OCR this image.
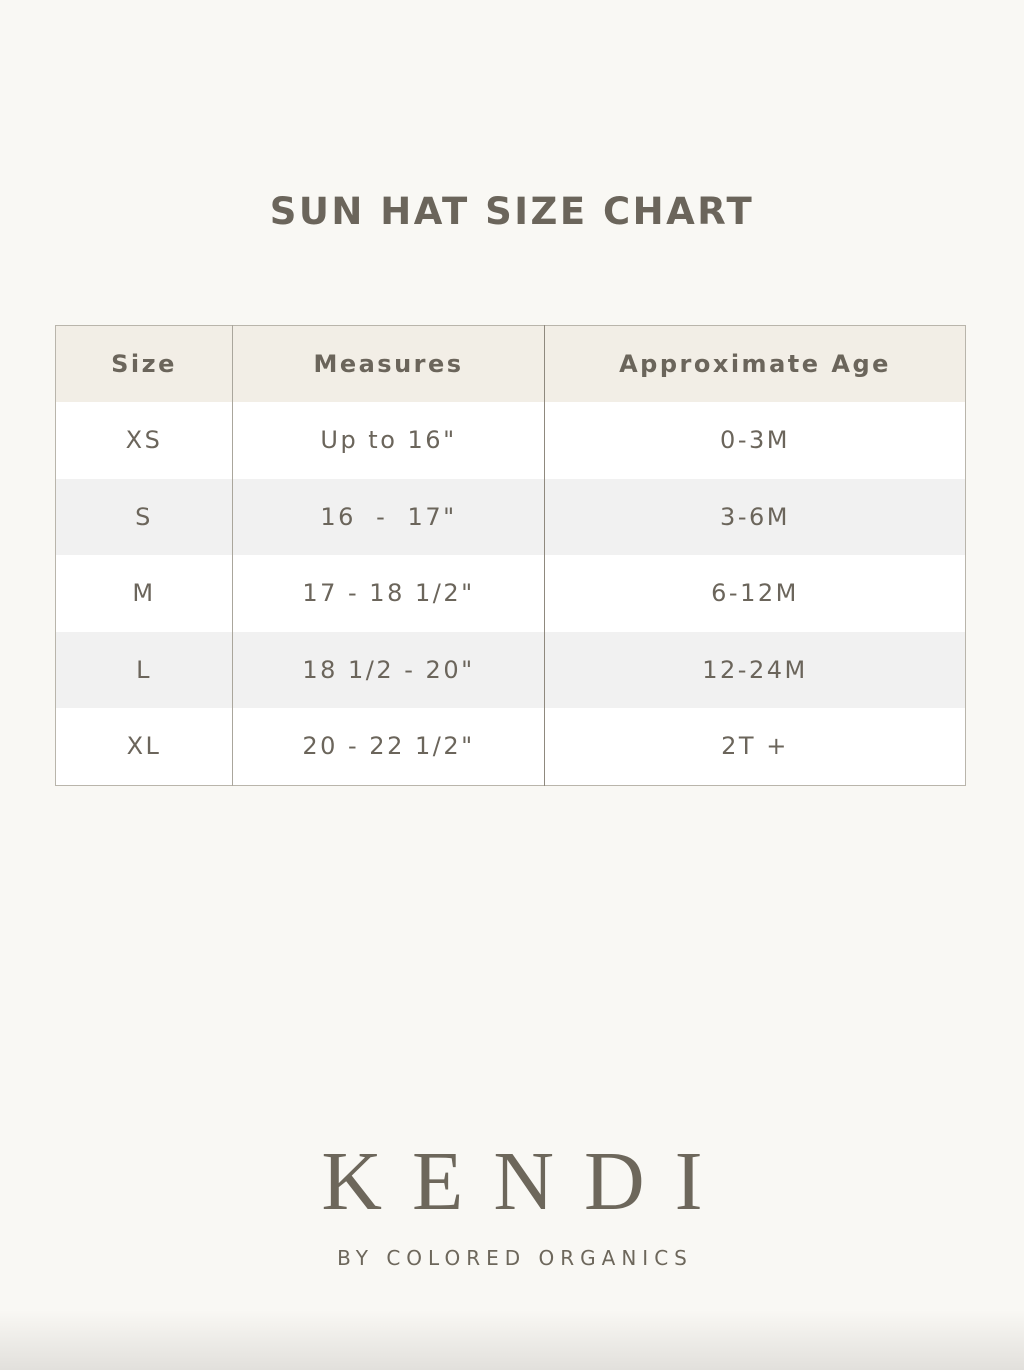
SUN HAT SIZE CHART
Size	Measures	Approximate Age
XS	Up to 16"	0-3M
S	16  -  17"	3-6M
M	17 - 18 1/2"	6-12M
L	18 1/2 - 20"	12-24M
XL	20 - 22 1/2"	2T +
KENDI
BY COLORED ORGANICS
